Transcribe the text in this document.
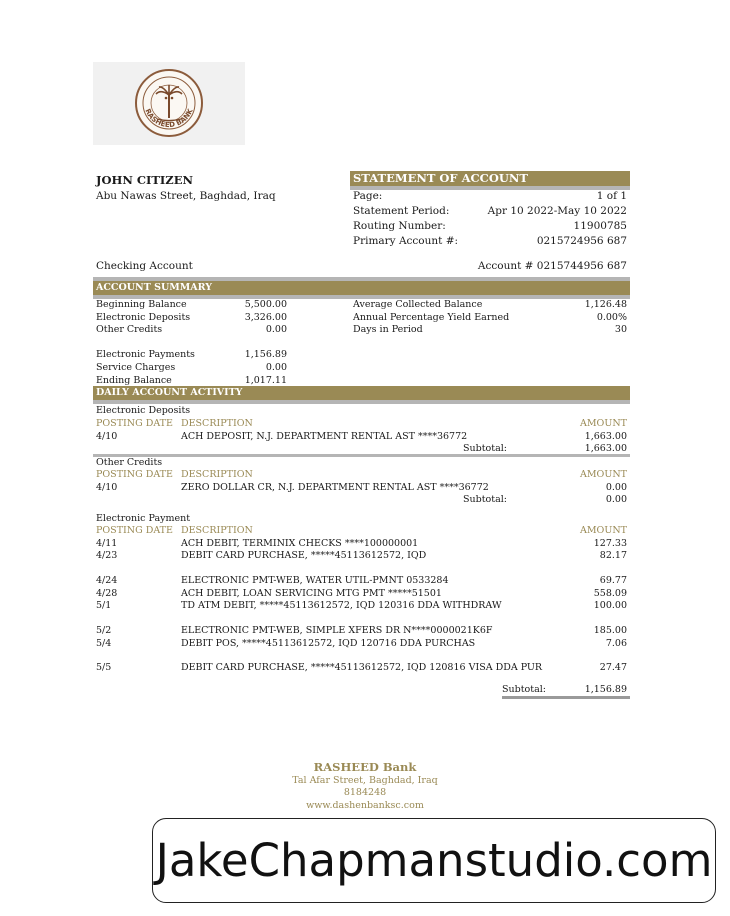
RASHEED BANK
JOHN CITIZEN
Abu Nawas Street, Baghdad, Iraq
STATEMENT OF ACCOUNT
Page:	1 of 1
Statement Period:	Apr 10 2022-May 10 2022
Routing Number:	11900785
Primary Account #:	0215724956 687
Checking Account	Account # 0215744956 687
ACCOUNT SUMMARY
Beginning Balance	5,500.00
Electronic Deposits	3,326.00
Other Credits	0.00
Average Collected Balance	1,126.48
Annual Percentage Yield Earned	0.00%
Days in Period	30
Electronic Payments	1,156.89
Service Charges	0.00
Ending Balance	1,017.11
DAILY ACCOUNT ACTIVITY
Electronic Deposits
POSTING DATE DESCRIPTION	AMOUNT
4/10	ACH DEPOSIT, N.J. DEPARTMENT RENTAL AST ****36772	1,663.00
Subtotal:	1,663.00
Other Credits
POSTING DATE DESCRIPTION	AMOUNT
4/10	ZERO DOLLAR CR, N.J. DEPARTMENT RENTAL AST ****36772	0.00
Subtotal:	0.00
Electronic Payment
POSTING DATE DESCRIPTION	AMOUNT
4/11	ACH DEBIT, TERMINIX CHECKS ****100000001	127.33
4/23	DEBIT CARD PURCHASE, *****45113612572, IQD	82.17
4/24	ELECTRONIC PMT-WEB, WATER UTIL-PMNT 0533284	69.77
4/28	ACH DEBIT, LOAN SERVICING MTG PMT *****51501	558.09
5/1	TD ATM DEBIT, *****45113612572, IQD 120316 DDA WITHDRAW	100.00
5/2	ELECTRONIC PMT-WEB, SIMPLE XFERS DR N****0000021K6F	185.00
5/4	DEBIT POS, *****45113612572, IQD 120716 DDA PURCHAS	7.06
5/5	DEBIT CARD PURCHASE, *****45113612572, IQD 120816 VISA DDA PUR	27.47
Subtotal:	1,156.89
RASHEED Bank
Tal Afar Street, Baghdad, Iraq
8184248
www.dashenbanksc.com
JakeChapmanstudio.com
